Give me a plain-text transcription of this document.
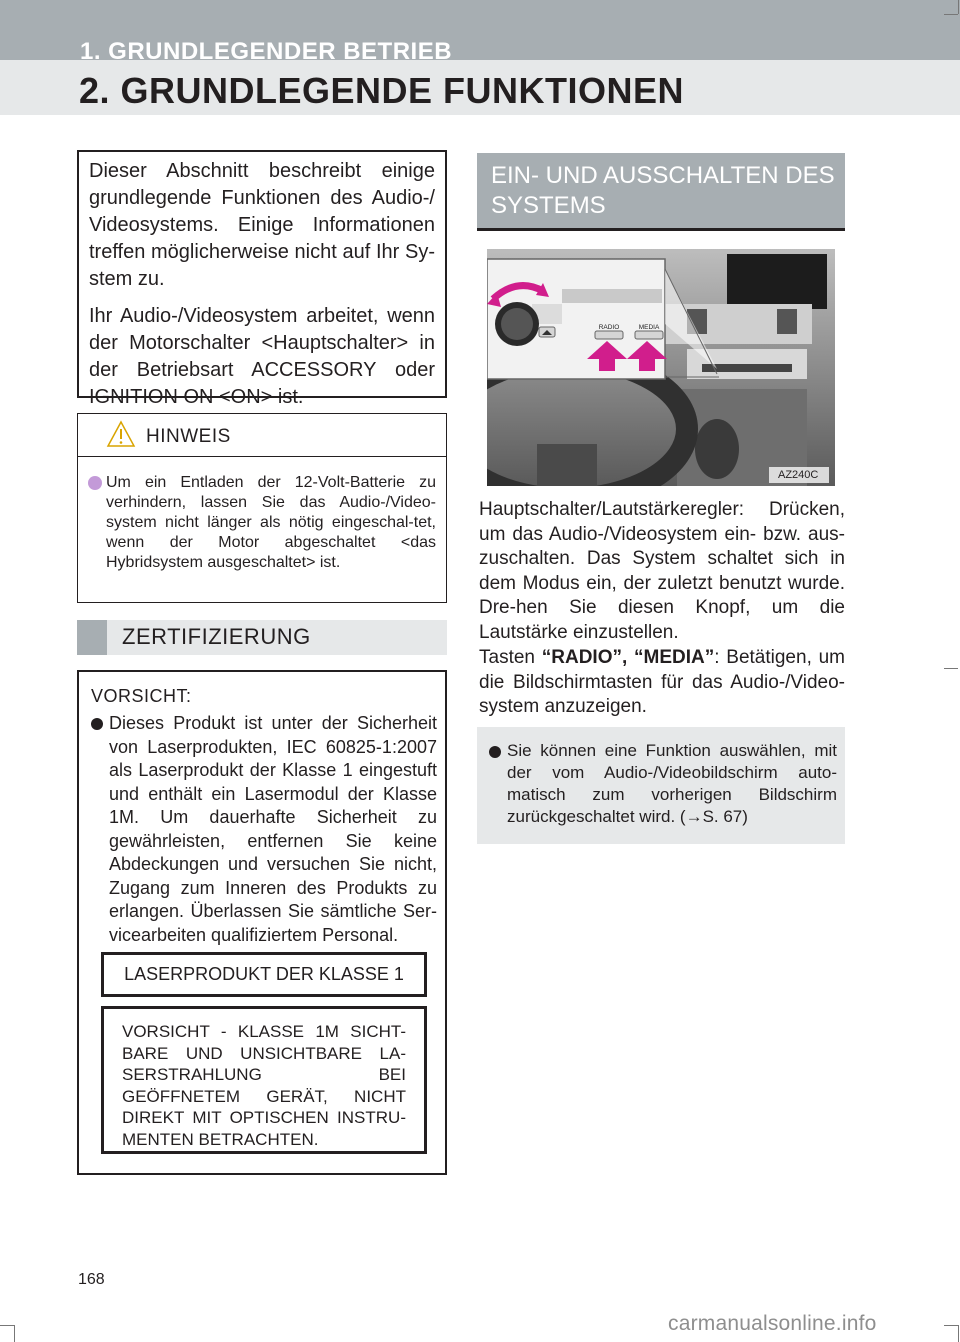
1. GRUNDLEGENDER BETRIEB
2. GRUNDLEGENDE FUNKTIONEN

Dieser Abschnitt beschreibt einige grundlegende Funktionen des Audio-/ Videosystems. Einige Informationen treffen möglicherweise nicht auf Ihr Sy-stem zu.

Ihr Audio-/Videosystem arbeitet, wenn der Motorschalter <Hauptschalter> in der Betriebsart ACCESSORY oder IGNITION ON <ON> ist.

HINWEIS
Um ein Entladen der 12-Volt-Batterie zu verhindern, lassen Sie das Audio-/Video-system nicht länger als nötig eingeschal-tet, wenn der Motor abgeschaltet <das Hybridsystem ausgeschaltet> ist.
ZERTIFIZIERUNG
VORSICHT:
Dieses Produkt ist unter der Sicherheit von Laserprodukten, IEC 60825-1:2007 als Laserprodukt der Klasse 1 eingestuft und enthält ein Lasermodul der Klasse 1M. Um dauerhafte Sicherheit zu gewährleisten, entfernen Sie keine Abdeckungen und versuchen Sie nicht, Zugang zum Inneren des Produkts zu erlangen. Überlassen Sie sämtliche Ser-vicearbeiten qualifiziertem Personal.
LASERPRODUKT DER KLASSE 1
VORSICHT - KLASSE 1M SICHT-BARE UND UNSICHTBARE LA-SERSTRAHLUNG BEI GEÖFFNETEM GERÄT, NICHT DIREKT MIT OPTISCHEN INSTRU-MENTEN BETRACHTEN.
EIN- UND AUSSCHALTEN DES SYSTEMS
RADIO	MEDIA
AZ240C
Hauptschalter/Lautstärkeregler: Drücken, um das Audio-/Videosystem ein- bzw. aus-zuschalten. Das System schaltet sich in dem Modus ein, der zuletzt benutzt wurde. Dre-hen Sie diesen Knopf, um die Lautstärke einzustellen.
Tasten “RADIO”, “MEDIA”: Betätigen, um die Bildschirmtasten für das Audio-/Video-system anzuzeigen.
Sie können eine Funktion auswählen, mit der vom Audio-/Videobildschirm auto-matisch zum vorherigen Bildschirm zurückgeschaltet wird. (→S. 67)
168
carmanualsonline.info
